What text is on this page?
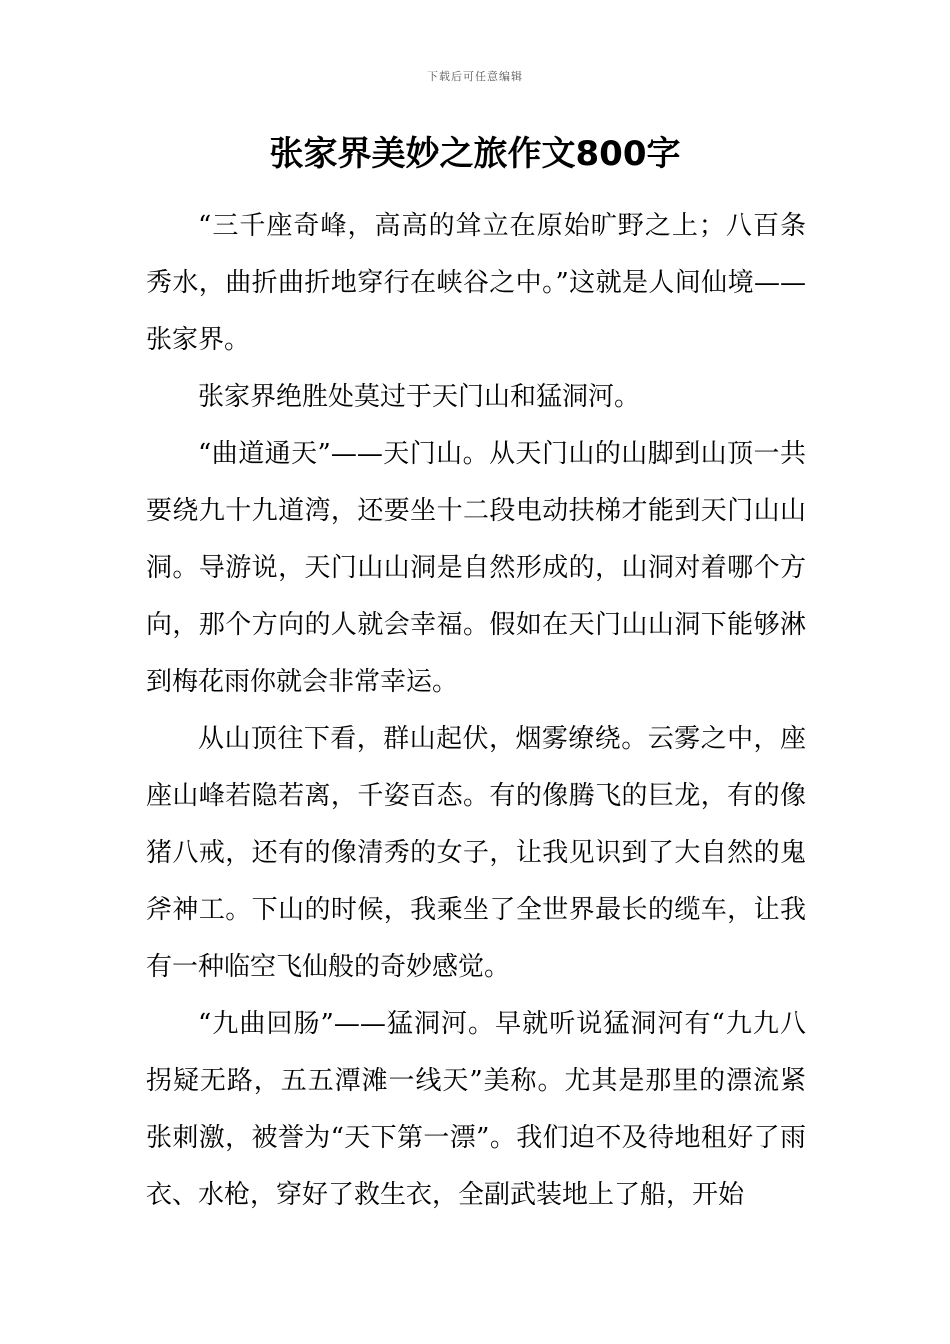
下载后可任意编辑
张家界美妙之旅作文800字

“三千座奇峰，高高的耸立在原始旷野之上；八百条秀水，曲折曲折地穿行在峡谷之中。”这就是人间仙境——张家界。

张家界绝胜处莫过于天门山和猛洞河。

“曲道通天”——天门山。从天门山的山脚到山顶一共要绕九十九道湾，还要坐十二段电动扶梯才能到天门山山洞。导游说，天门山山洞是自然形成的，山洞对着哪个方向，那个方向的人就会幸福。假如在天门山山洞下能够淋到梅花雨你就会非常幸运。

从山顶往下看，群山起伏，烟雾缭绕。云雾之中，座座山峰若隐若离，千姿百态。有的像腾飞的巨龙，有的像猪八戒，还有的像清秀的女子，让我见识到了大自然的鬼斧神工。下山的时候，我乘坐了全世界最长的缆车，让我有一种临空飞仙般的奇妙感觉。

“九曲回肠”——猛洞河。早就听说猛洞河有“九九八拐疑无路，五五潭滩一线天”美称。尤其是那里的漂流紧张刺激，被誉为“天下第一漂”。我们迫不及待地租好了雨衣、水枪，穿好了救生衣，全副武装地上了船，开始
